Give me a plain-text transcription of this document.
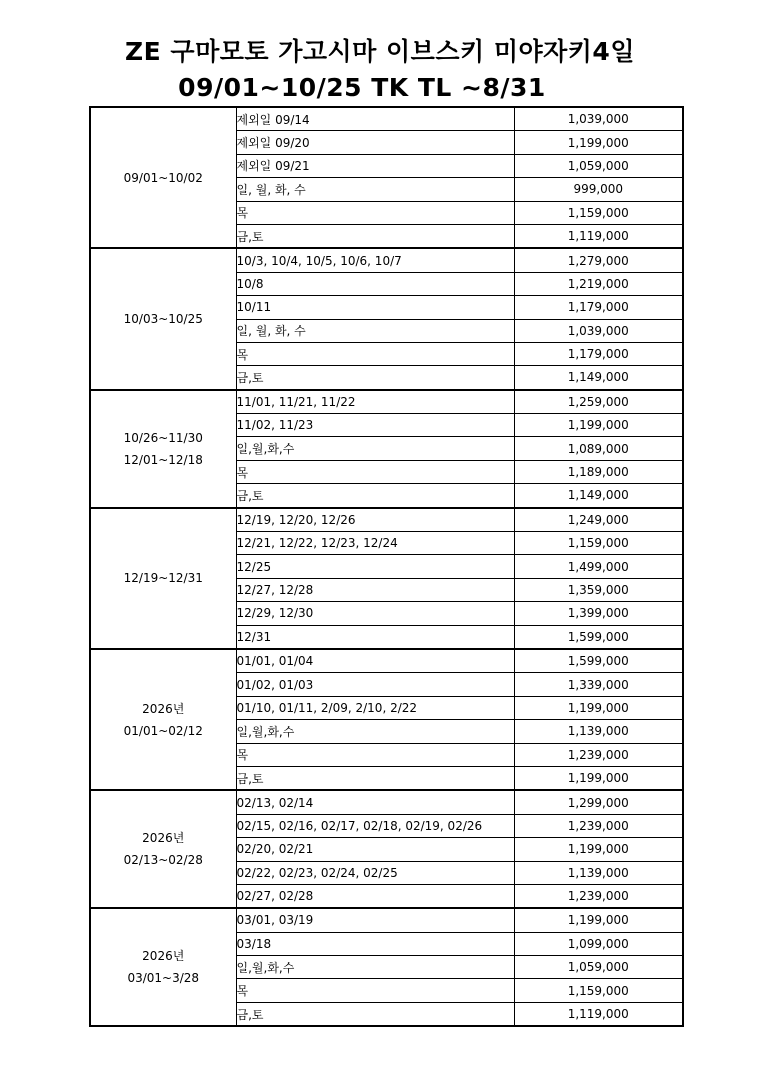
ZE 구마모토 가고시마 이브스키 미야자키4일
09/01~10/25 TK TL ~8/31
09/01~10/02	제외일 09/14	1,039,000
	제외일 09/20	1,199,000
	제외일 09/21	1,059,000
	일, 월, 화, 수	999,000
	목	1,159,000
	금,토	1,119,000

10/03~10/25	10/3, 10/4, 10/5, 10/6, 10/7	1,279,000
	10/8	1,219,000
	10/11	1,179,000
	일, 월, 화, 수	1,039,000
	목	1,179,000
	금,토	1,149,000

10/26~11/30
12/01~12/18	11/01, 11/21, 11/22	1,259,000
	11/02, 11/23	1,199,000
	일,월,화,수	1,089,000
	목	1,189,000
	금,토	1,149,000

12/19~12/31	12/19, 12/20, 12/26	1,249,000
	12/21, 12/22, 12/23, 12/24	1,159,000
	12/25	1,499,000
	12/27, 12/28	1,359,000
	12/29, 12/30	1,399,000
	12/31	1,599,000

2026년
01/01~02/12	01/01, 01/04	1,599,000
	01/02, 01/03	1,339,000
	01/10, 01/11, 2/09, 2/10, 2/22	1,199,000
	일,월,화,수	1,139,000
	목	1,239,000
	금,토	1,199,000

2026년
02/13~02/28	02/13, 02/14	1,299,000
	02/15, 02/16, 02/17, 02/18, 02/19, 02/26	1,239,000
	02/20, 02/21	1,199,000
	02/22, 02/23, 02/24, 02/25	1,139,000
	02/27, 02/28	1,239,000

2026년
03/01~3/28	03/01, 03/19	1,199,000
	03/18	1,099,000
	일,월,화,수	1,059,000
	목	1,159,000
	금,토	1,119,000
